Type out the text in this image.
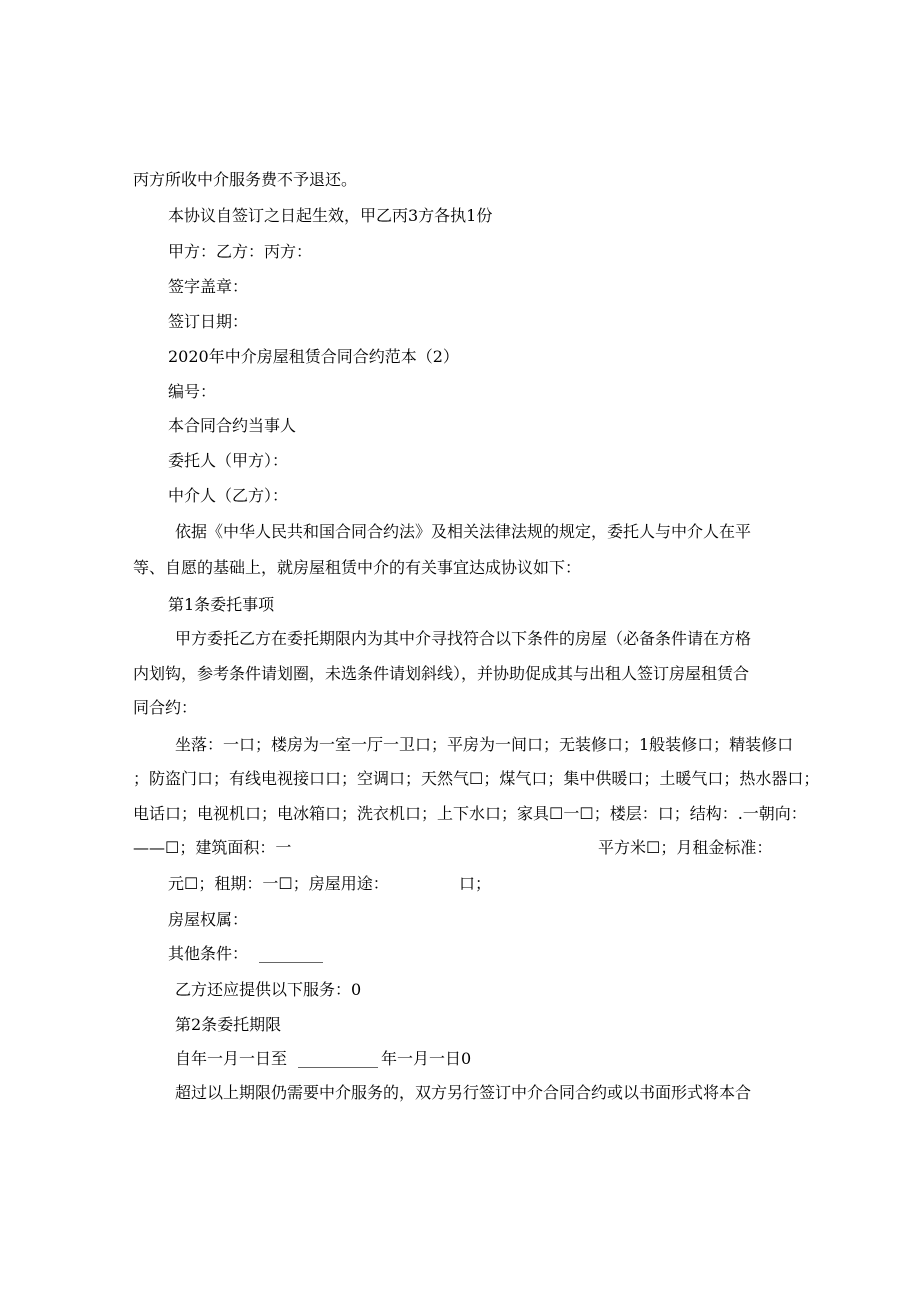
丙方所收中介服务费不予退还。
本协议自签订之日起生效，甲乙丙3方各执1份
甲方：乙方：丙方：
签字盖章：
签订日期：
2020年中介房屋租赁合同合约范本（2）
编号：
本合同合约当事人
委托人（甲方）：
中介人（乙方）：
依据《中华人民共和国合同合约法》及相关法律法规的规定，委托人与中介人在平
等、自愿的基础上，就房屋租赁中介的有关事宜达成协议如下：
第1条委托事项
甲方委托乙方在委托期限内为其中介寻找符合以下条件的房屋（必备条件请在方格
内划钩，参考条件请划圈，未选条件请划斜线），并协助促成其与出租人签订房屋租赁合
同合约：
坐落：一口；楼房为一室一厅一卫口；平房为一间口；无装修口；1般装修口；精装修口
；防盗门口；有线电视接口口；空调口；天然气☐；煤气口；集中供暖口；土暖气口；热水器口；
电话口；电视机口；电冰箱口；洗衣机口；上下水口；家具☐一☐；楼层：口；结构：.一朝向：
——☐；建筑面积：一	平方米☐；月租金标准：
元☐；租期：一☐；房屋用途：	口；
房屋权属：
其他条件： ________
乙方还应提供以下服务：0
第2条委托期限
自年一月一日至 __________ 年一月一日0
超过以上期限仍需要中介服务的，双方另行签订中介合同合约或以书面形式将本合
